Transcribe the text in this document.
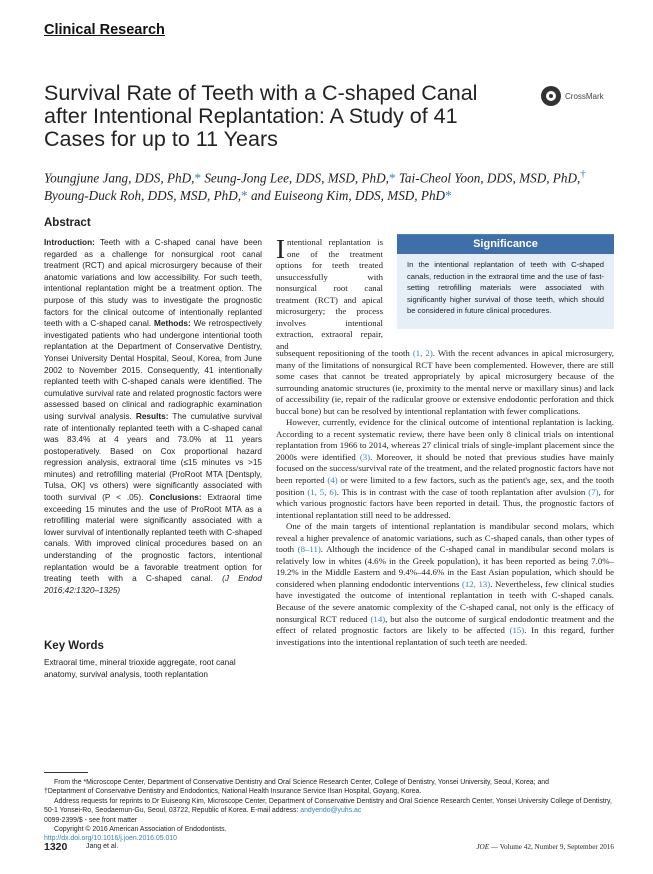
Clinical Research
Survival Rate of Teeth with a C-shaped Canal after Intentional Replantation: A Study of 41 Cases for up to 11 Years
CrossMark
Youngjune Jang, DDS, PhD,* Seung-Jong Lee, DDS, MSD, PhD,* Tai-Cheol Yoon, DDS, MSD, PhD,†
Byoung-Duck Roh, DDS, MSD, PhD,* and Euiseong Kim, DDS, MSD, PhD*
Abstract
Introduction: Teeth with a C-shaped canal have been regarded as a challenge for nonsurgical root canal treatment (RCT) and apical microsurgery because of their anatomic variations and low accessibility. For such teeth, intentional replantation might be a treatment option. The purpose of this study was to investigate the prognostic factors for the clinical outcome of intentionally replanted teeth with a C-shaped canal. Methods: We retrospectively investigated patients who had undergone intentional tooth replantation at the Department of Conservative Dentistry, Yonsei University Dental Hospital, Seoul, Korea, from June 2002 to November 2015. Consequently, 41 intentionally replanted teeth with C-shaped canals were identified. The cumulative survival rate and related prognostic factors were assessed based on clinical and radiographic examination using survival analysis. Results: The cumulative survival rate of intentionally replanted teeth with a C-shaped canal was 83.4% at 4 years and 73.0% at 11 years postoperatively. Based on Cox proportional hazard regression analysis, extraoral time (≤15 minutes vs >15 minutes) and retrofilling material (ProRoot MTA [Dentsply, Tulsa, OK] vs others) were significantly associated with tooth survival (P < .05). Conclusions: Extraoral time exceeding 15 minutes and the use of ProRoot MTA as a retrofilling material were significantly associated with a lower survival of intentionally replanted teeth with C-shaped canals. With improved clinical procedures based on an understanding of the prognostic factors, intentional replantation would be a favorable treatment option for treating teeth with a C-shaped canal. (J Endod 2016;42:1320–1325)
Key Words
Extraoral time, mineral trioxide aggregate, root canal anatomy, survival analysis, tooth replantation
Intentional replantation is one of the treatment options for teeth treated unsuccessfully with nonsurgical root canal treatment (RCT) and apical microsurgery; the process involves intentional extraction, extraoral repair, and
Significance
In the intentional replantation of teeth with C-shaped canals, reduction in the extraoral time and the use of fast-setting retrofilling materials were associated with significantly higher survival of those teeth, which should be considered in future clinical procedures.

subsequent repositioning of the tooth (1, 2). With the recent advances in apical microsurgery, many of the limitations of nonsurgical RCT have been complemented. However, there are still some cases that cannot be treated appropriately by apical microsurgery because of the surrounding anatomic structures (ie, proximity to the mental nerve or maxillary sinus) and lack of accessibility (ie, repair of the radicular groove or extensive endodontic perforation and thick buccal bone) but can be resolved by intentional replantation with fewer complications.

However, currently, evidence for the clinical outcome of intentional replantation is lacking. According to a recent systematic review, there have been only 8 clinical trials on intentional replantation from 1966 to 2014, whereas 27 clinical trials of single-implant placement since the 2000s were identified (3). Moreover, it should be noted that previous studies have mainly focused on the success/survival rate of the treatment, and the related prognostic factors have not been reported (4) or were limited to a few factors, such as the patient's age, sex, and the tooth position (1, 5, 6). This is in contrast with the case of tooth replantation after avulsion (7), for which various prognostic factors have been reported in detail. Thus, the prognostic factors of intentional replantation still need to be addressed.

One of the main targets of intentional replantation is mandibular second molars, which reveal a higher prevalence of anatomic variations, such as C-shaped canals, than other types of tooth (8–11). Although the incidence of the C-shaped canal in mandibular second molars is relatively low in whites (4.6% in the Greek population), it has been reported as being 7.0%–19.2% in the Middle Eastern and 9.4%–44.6% in the East Asian population, which should be considered when planning endodontic interventions (12, 13). Nevertheless, few clinical studies have investigated the outcome of intentional replantation in teeth with C-shaped canals. Because of the severe anatomic complexity of the C-shaped canal, not only is the efficacy of nonsurgical RCT reduced (14), but also the outcome of surgical endodontic treatment and the effect of related prognostic factors are likely to be affected (15). In this regard, further investigations into the intentional replantation of such teeth are needed.

From the *Microscope Center, Department of Conservative Dentistry and Oral Science Research Center, College of Dentistry, Yonsei University, Seoul, Korea; and
†Deptartment of Conservative Dentistry and Endodontics, National Health Insurance Service Ilsan Hospital, Goyang, Korea.
Address requests for reprints to Dr Euiseong Kim, Microscope Center, Department of Conservative Dentistry and Oral Science Research Center, Yonsei University College of Dentistry, 50-1 Yonsei-Ro, Seodaemun-Gu, Seoul, 03722, Republic of Korea. E-mail address: andyendo@yuhs.ac
0099-2399/$ - see front matter
Copyright © 2016 American Association of Endodontists.
http://dx.doi.org/10.1016/j.joen.2016.05.010
1320	Jang et al.	JOE — Volume 42, Number 9, September 2016
